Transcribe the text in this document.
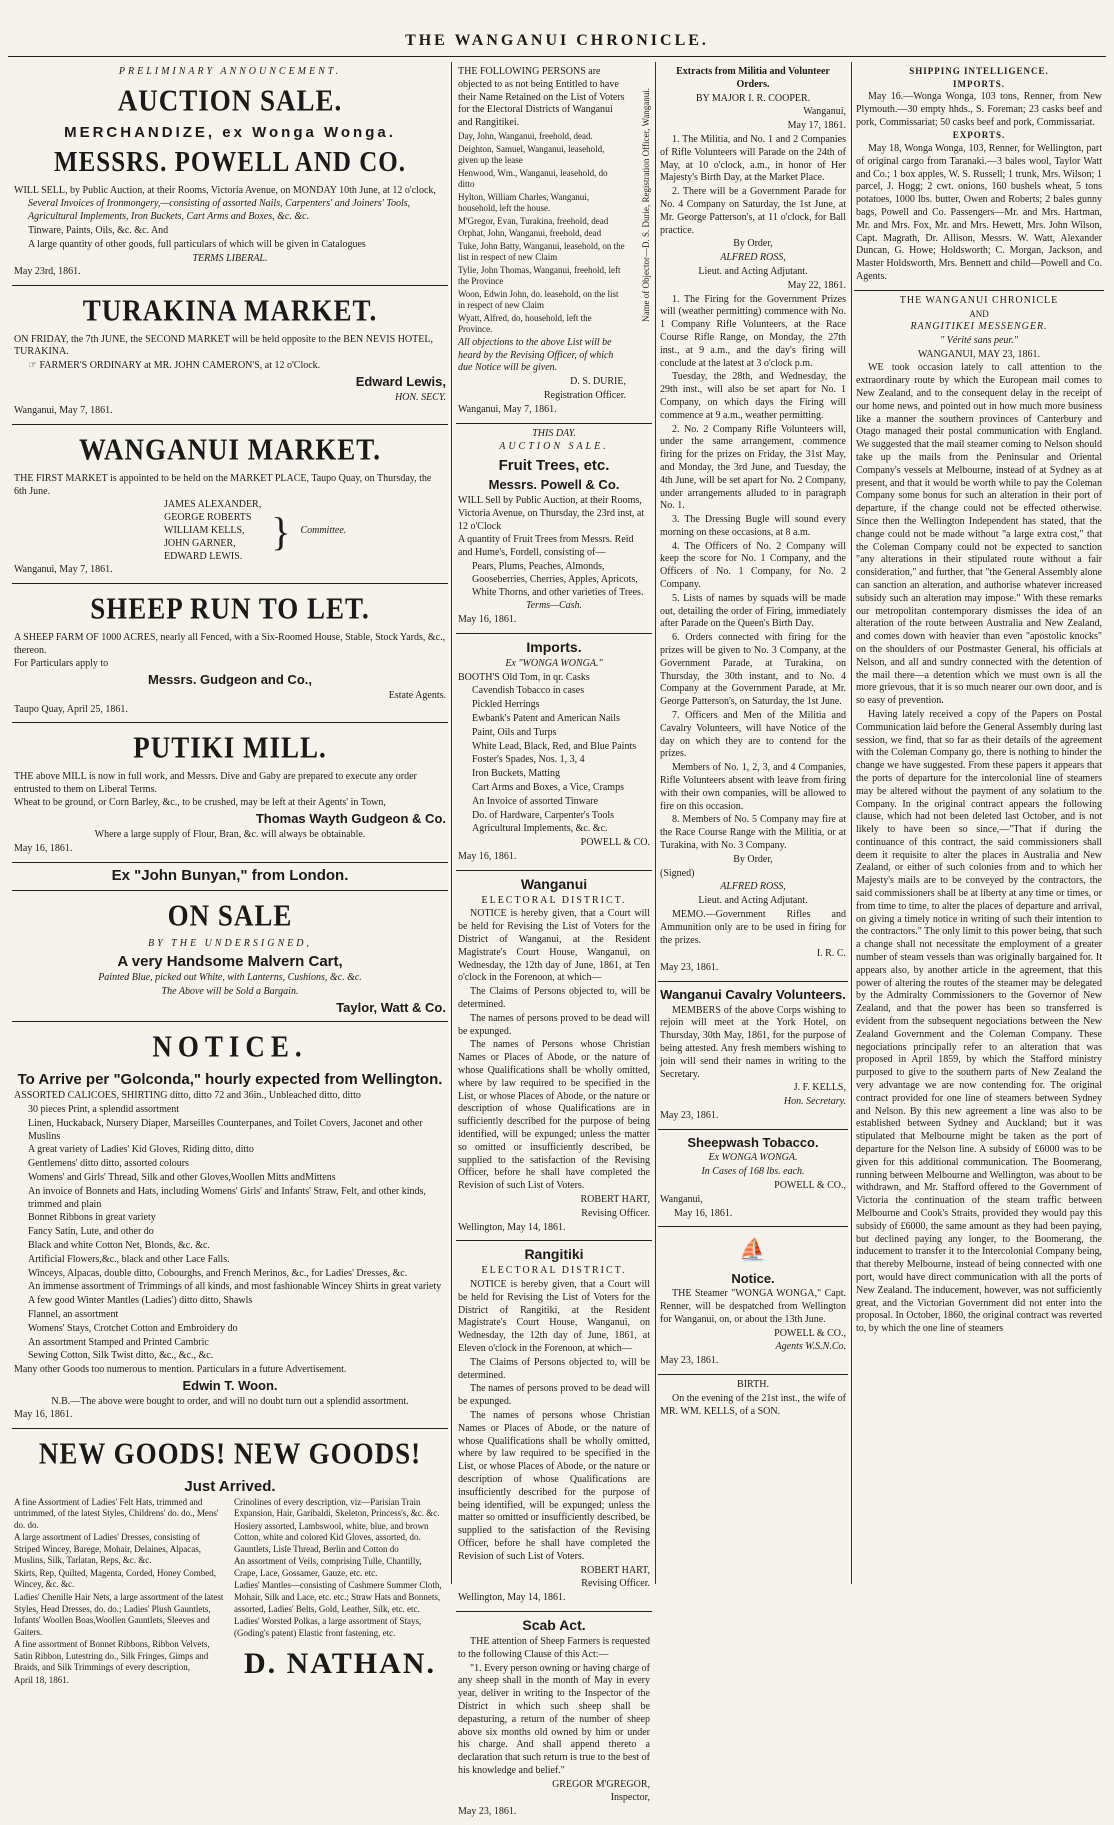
THE WANGANUI CHRONICLE.

PRELIMINARY ANNOUNCEMENT.

AUCTION SALE.
MERCHANDIZE, ex Wonga Wonga.
MESSRS. POWELL AND CO.

WILL SELL, by Public Auction, at their Rooms, Victoria Avenue, on MONDAY 10th June, at 12 o'clock,

Several Invoices of Ironmongery,—consisting of assorted Nails, Carpenters' and Joiners' Tools, Agricultural Implements, Iron Buckets, Cart Arms and Boxes, &c. &c.

Tinware, Paints, Oils, &c. &c. And

A large quantity of other goods, full particulars of which will be given in Catalogues

TERMS LIBERAL.

May 23rd, 1861.

TURAKINA MARKET.

ON FRIDAY, the 7th JUNE, the SECOND MARKET will be held opposite to the BEN NEVIS HOTEL, TURAKINA.

☞ FARMER'S ORDINARY at MR. JOHN CAMERON'S, at 12 o'Clock.

Edward Lewis,

HON. SECY.

Wanganui, May 7, 1861.

WANGANUI MARKET.

THE FIRST MARKET is appointed to be held on the MARKET PLACE, Taupo Quay, on Thursday, the 6th June.

JAMES ALEXANDER,
GEORGE ROBERTS
WILLIAM KELLS,
JOHN GARNER,
EDWARD LEWIS.
} Committee.

Wanganui, May 7, 1861.

SHEEP RUN TO LET.

A SHEEP FARM OF 1000 ACRES, nearly all Fenced, with a Six-Roomed House, Stable, Stock Yards, &c., thereon.

For Particulars apply to

Messrs. Gudgeon and Co.,

Estate Agents.

Taupo Quay, April 25, 1861.

PUTIKI MILL.

THE above MILL is now in full work, and Messrs. Dive and Gaby are prepared to execute any order entrusted to them on Liberal Terms.

Wheat to be ground, or Corn Barley, &c., to be crushed, may be left at their Agents' in Town,

Thomas Wayth Gudgeon & Co.

Where a large supply of Flour, Bran, &c. will always be obtainable.

May 16, 1861.

Ex "John Bunyan," from London.
ON SALE

BY THE UNDERSIGNED,

A very Handsome Malvern Cart,

Painted Blue, picked out White, with Lanterns, Cushions, &c. &c.

The Above will be Sold a Bargain.

Taylor, Watt & Co.
NOTICE.
To Arrive per "Golconda," hourly expected from Wellington.

ASSORTED CALICOES, SHIRTING ditto, ditto 72 and 36in., Unbleached ditto, ditto

30 pieces Print, a splendid assortment

Linen, Huckaback, Nursery Diaper, Marseilles Counterpanes, and Toilet Covers, Jaconet and other Muslins

A great variety of Ladies' Kid Gloves, Riding ditto, ditto

Gentlemens' ditto ditto, assorted colours

Womens' and Girls' Thread, Silk and other Gloves,Woollen Mitts andMittens

An invoice of Bonnets and Hats, including Womens' Girls' and Infants' Straw, Felt, and other kinds, trimmed and plain

Bonnet Ribbons in great variety

Fancy Satin, Lute, and other do

Black and white Cotton Net, Blonds, &c. &c.

Artificial Flowers,&c., black and other Lace Falls.

Winceys, Alpacas, double ditto, Cobourghs, and French Merinos, &c., for Ladies' Dresses, &c.

An immense assortment of Trimmings of all kinds, and most fashionable Wincey Shirts in great variety

A few good Winter Mantles (Ladies') ditto ditto, Shawls

Flannel, an assortment

Womens' Stays, Crotchet Cotton and Embroidery do

An assortment Stamped and Printed Cambric

Sewing Cotton, Silk Twist ditto, &c., &c., &c.

Many other Goods too numerous to mention. Particulars in a future Advertisement.

Edwin T. Woon.

N.B.—The above were bought to order, and will no doubt turn out a splendid assortment.

May 16, 1861.

NEW GOODS! NEW GOODS!
Just Arrived.

A fine Assortment of Ladies' Felt Hats, trimmed and untrimmed, of the latest Styles, Childrens' do. do., Mens' do. do.

A large assortment of Ladies' Dresses, consisting of Striped Wincey, Barege, Mohair, Delaines, Alpacas, Muslins, Silk, Tarlatan, Reps, &c. &c.

Skirts, Rep, Quilted, Magenta, Corded, Honey Combed, Wincey, &c. &c.

Ladies' Chenille Hair Nets, a large assortment of the latest Styles, Head Dresses, do. do.; Ladies' Plush Gauntlets, Infants' Woollen Boas,Woollen Gauntlets, Sleeves and Gaiters.

A fine assortment of Bonnet Ribbons, Ribbon Velvets, Satin Ribbon, Lutestring do., Silk Fringes, Gimps and Braids, and Silk Trimmings of every description,

April 18, 1861.

Crinolines of every description, viz—Parisian Train Expansion, Hair, Garibaldi, Skeleton, Princess's, &c. &c.

Hosiery assorted, Lambswool, white, blue, and brown Cotton, white and colored Kid Gloves, assorted, do. Gauntlets, Lisle Thread, Berlin and Cotton do

An assortment of Veils, comprising Tulle, Chantilly, Crape, Lace, Gossamer, Gauze, etc. etc.

Ladies' Mantles—consisting of Cashmere Summer Cloth, Mohair, Silk and Lace, etc. etc.; Straw Hats and Bonnets, assorted, Ladies' Belts, Gold, Leather, Silk, etc. etc.

Ladies' Worsted Polkas, a large assortment of Stays, (Goding's patent) Elastic front fastening, etc.

D. NATHAN.

THE FOLLOWING PERSONS are objected to as not being Entitled to have their Name Retained on the List of Voters for the Electoral Districts of Wanganui and Rangitikei.

Day, John, Wanganui, freehold, dead.

Deighton, Samuel, Wanganui, leasehold, given up the lease

Henwood, Wm., Wanganui, leasehold, do ditto

Hylton, William Charles, Wanganui, household, left the house.

M'Gregor, Evan, Turakina, freehold, dead

Orphat, John, Wanganui, freehold, dead

Tuke, John Batty, Wanganui, leasehold, on the list in respect of new Claim

Tylie, John Thomas, Wanganui, freehold, left the Province

Woon, Edwin John, do. leasehold, on the list in respect of new Claim

Wyatt, Alfred, do, household, left the Province.

Name of Objector—D. S. Durie, Registration Officer, Wanganui.

All objections to the above List will be heard by the Revising Officer, of which due Notice will be given.

D. S. DURIE,

Registration Officer.

Wanganui, May 7, 1861.

THIS DAY.

AUCTION SALE.

Fruit Trees, etc.
Messrs. Powell & Co.

WILL Sell by Public Auction, at their Rooms, Victoria Avenue, on Thursday, the 23rd inst, at 12 o'Clock

A quantity of Fruit Trees from Messrs. Reid and Hume's, Fordell, consisting of—

Pears, Plums, Peaches, Almonds, Gooseberries, Cherries, Apples, Apricots, White Thorns, and other varieties of Trees.

Terms—Cash.

May 16, 1861.

Imports.

Ex "WONGA WONGA."

BOOTH'S Old Tom, in qr. Casks

Cavendish Tobacco in cases

Pickled Herrings

Ewbank's Patent and American Nails

Paint, Oils and Turps

White Lead, Black, Red, and Blue Paints

Foster's Spades, Nos. 1, 3, 4

Iron Buckets, Matting

Cart Arms and Boxes, a Vice, Cramps

An Invoice of assorted Tinware

Do. of Hardware, Carpenter's Tools

Agricultural Implements, &c. &c.

POWELL & CO.

May 16, 1861.

Wanganui

ELECTORAL DISTRICT.

NOTICE is hereby given, that a Court will be held for Revising the List of Voters for the District of Wanganui, at the Resident Magistrate's Court House, Wanganui, on Wednesday, the 12th day of June, 1861, at Ten o'clock in the Forenoon, at which—

The Claims of Persons objected to, will be determined.

The names of persons proved to be dead will be expunged.

The names of Persons whose Christian Names or Places of Abode, or the nature of whose Qualifications shall be wholly omitted, where by law required to be specified in the List, or whose Places of Abode, or the nature or description of whose Qualifications are in sufficiently described for the purpose of being identified, will be expunged; unless the matter so omitted or insufficiently described, be supplied to the satisfaction of the Revising Officer, before he shall have completed the Revision of such List of Voters.

ROBERT HART,

Revising Officer.

Wellington, May 14, 1861.

Rangitiki

ELECTORAL DISTRICT.

NOTICE is hereby given, that a Court will be held for Revising the List of Voters for the District of Rangitiki, at the Resident Magistrate's Court House, Wanganui, on Wednesday, the 12th day of June, 1861, at Eleven o'clock in the Forenoon, at which—

The Claims of Persons objected to, will be determined.

The names of persons proved to be dead will be expunged.

The names of persons whose Christian Names or Places of Abode, or the nature of whose Qualifications shall be wholly omitted, where by law required to be specified in the List, or whose Places of Abode, or the nature or description of whose Qualifications are insufficiently described for the purpose of being identified, will be expunged; unless the matter so omitted or insufficiently described, be supplied to the satisfaction of the Revising Officer, before he shall have completed the Revision of such List of Voters.

ROBERT HART,

Revising Officer.

Wellington, May 14, 1861.

Scab Act.

THE attention of Sheep Farmers is requested to the following Clause of this Act:—

"1. Every person owning or having charge of any sheep shall in the month of May in every year, deliver in writing to the Inspector of the District in which such sheep shall be depasturing, a return of the number of sheep above six months old owned by him or under his charge. And shall append thereto a declaration that such return is true to the best of his knowledge and belief."

GREGOR M'GREGOR,

Inspector,

May 23, 1861.

Extracts from Militia and Volunteer Orders.

BY MAJOR I. R. COOPER.

Wanganui,

May 17, 1861.

1. The Militia, and No. 1 and 2 Companies of Rifle Volunteers will Parade on the 24th of May, at 10 o'clock, a.m., in honor of Her Majesty's Birth Day, at the Market Place.

2. There will be a Government Parade for No. 4 Company on Saturday, the 1st June, at Mr. George Patterson's, at 11 o'clock, for Ball practice.

By Order,

ALFRED ROSS,

Lieut. and Acting Adjutant.

May 22, 1861.

1. The Firing for the Government Prizes will (weather permitting) commence with No. 1 Company Rifle Volunteers, at the Race Course Rifle Range, on Monday, the 27th inst., at 9 a.m., and the day's firing will conclude at the latest at 3 o'clock p.m.

Tuesday, the 28th, and Wednesday, the 29th inst., will also be set apart for No. 1 Company, on which days the Firing will commence at 9 a.m., weather permitting.

2. No. 2 Company Rifle Volunteers will, under the same arrangement, commence firing for the prizes on Friday, the 31st May, and Monday, the 3rd June, and Tuesday, the 4th June, will be set apart for No. 2 Company, under arrangements alluded to in paragraph No. 1.

3. The Dressing Bugle will sound every morning on these occasions, at 8 a.m.

4. The Officers of No. 2 Company will keep the score for No. 1 Company, and the Officers of No. 1 Company, for No. 2 Company.

5. Lists of names by squads will be made out, detailing the order of Firing, immediately after Parade on the Queen's Birth Day.

6. Orders connected with firing for the prizes will be given to No. 3 Company, at the Government Parade, at Turakina, on Thursday, the 30th instant, and to No. 4 Company at the Government Parade, at Mr. George Patterson's, on Saturday, the 1st June.

7. Officers and Men of the Militia and Cavalry Volunteers, will have Notice of the day on which they are to contend for the prizes.

Members of No. 1, 2, 3, and 4 Companies, Rifle Volunteers absent with leave from firing with their own companies, will be allowed to fire on this occasion.

8. Members of No. 5 Company may fire at the Race Course Range with the Militia, or at Turakina, with No. 3 Company.

By Order,

(Signed)

ALFRED ROSS,

Lieut. and Acting Adjutant.

MEMO.—Government Rifles and Ammunition only are to be used in firing for the prizes.

I. R. C.

May 23, 1861.

Wanganui Cavalry Volunteers.

MEMBERS of the above Corps wishing to rejoin will meet at the York Hotel, on Thursday, 30th May, 1861, for the purpose of being attested. Any fresh members wishing to join will send their names in writing to the Secretary.

J. F. KELLS,

Hon. Secretary.

May 23, 1861.

Sheepwash Tobacco.

Ex WONGA WONGA.

In Cases of 168 lbs. each.

POWELL & CO.,

Wanganui,

May 16, 1861.

⛵
Notice.

THE Steamer "WONGA WONGA," Capt. Renner, will be despatched from Wellington for Wanganui, on, or about the 13th June.

POWELL & CO.,

Agents W.S.N.Co.

May 23, 1861.

BIRTH.

On the evening of the 21st inst., the wife of MR. WM. KELLS, of a SON.

SHIPPING INTELLIGENCE.

IMPORTS.

May 16.—Wonga Wonga, 103 tons, Renner, from New Plymouth.—30 empty hhds., S. Foreman; 23 casks beef and pork, Commissariat; 50 casks beef and pork, Commissariat.

EXPORTS.

May 18, Wonga Wonga, 103, Renner, for Wellington, part of original cargo from Taranaki.—3 bales wool, Taylor Watt and Co.; 1 box apples, W. S. Russell; 1 trunk, Mrs. Wilson; 1 parcel, J. Hogg; 2 cwt. onions, 160 bushels wheat, 5 tons potatoes, 1000 lbs. butter, Owen and Roberts; 2 bales gunny bags, Powell and Co. Passengers—Mr. and Mrs. Hartman, Mr. and Mrs. Fox, Mr. and Mrs. Hewett, Mrs. John Wilson, Capt. Magrath, Dr. Allison, Messrs. W. Watt, Alexander Duncan, G. Howe; Holdsworth; C. Morgan, Jackson, and Master Holdsworth, Mrs. Bennett and child—Powell and Co. Agents.

THE WANGANUI CHRONICLE

AND

RANGITIKEI MESSENGER.

" Vérité sans peur."

WANGANUI, MAY 23, 1861.

WE took occasion lately to call attention to the extraordinary route by which the European mail comes to New Zealand, and to the consequent delay in the receipt of our home news, and pointed out in how much more business like a manner the southern provinces of Canterbury and Otago managed their postal communication with England. We suggested that the mail steamer coming to Nelson should take up the mails from the Peninsular and Oriental Company's vessels at Melbourne, instead of at Sydney as at present, and that it would be worth while to pay the Coleman Company some bonus for such an alteration in their port of departure, if the change could not be effected otherwise. Since then the Wellington Independent has stated, that the change could not be made without "a large extra cost," that the Coleman Company could not be expected to sanction "any alterations in their stipulated route without a fair consideration," and further, that "the General Assembly alone can sanction an alteration, and authorise whatever increased subsidy such an alteration may impose." With these remarks our metropolitan contemporary dismisses the idea of an alteration of the route between Australia and New Zealand, and comes down with heavier than even "apostolic knocks" on the shoulders of our Postmaster General, his officials at Nelson, and all and sundry connected with the detention of the mail there—a detention which we must own is all the more grievous, that it is so much nearer our own door, and is so easy of prevention.

Having lately received a copy of the Papers on Postal Communication laid before the General Assembly during last session, we find, that so far as their details of the agreement with the Coleman Company go, there is nothing to hinder the change we have suggested. From these papers it appears that the ports of departure for the intercolonial line of steamers may be altered without the payment of any solatium to the Company. In the original contract appears the following clause, which had not been deleted last October, and is not likely to have been so since,—"That if during the continuance of this contract, the said commissioners shall deem it requisite to alter the places in Australia and New Zealand, or either of such colonies from and to which her Majesty's mails are to be conveyed by the contractors, the said commissioners shall be at liberty at any time or times, or from time to time, to alter the places of departure and arrival, on giving a timely notice in writing of such their intention to the contractors." The only limit to this power being, that such a change shall not necessitate the employment of a greater number of steam vessels than was originally bargained for. It appears also, by another article in the agreement, that this power of altering the routes of the steamer may be delegated by the Admiralty Commissioners to the Governor of New Zealand, and that the power has been so transferred is evident from the subsequent negociations between the New Zealand Government and the Coleman Company. These negociations principally refer to an alteration that was proposed in April 1859, by which the Stafford ministry purposed to give to the southern parts of New Zealand the very advantage we are now contending for. The original contract provided for one line of steamers between Sydney and Nelson. By this new agreement a line was also to be established between Sydney and Auckland; but it was stipulated that Melbourne might be taken as the port of departure for the Nelson line. A subsidy of £6000 was to be given for this additional communication. The Boomerang, running between Melbourne and Wellington, was about to be withdrawn, and Mr. Stafford offered to the Government of Victoria the continuation of the steam traffic between Melbourne and Cook's Straits, provided they would pay this subsidy of £6000, the same amount as they had been paying, but declined paying any longer, to the Boomerang, the inducement to transfer it to the Intercolonial Company being, that thereby Melbourne, instead of being connected with one port, would have direct communication with all the ports of New Zealand. The inducement, however, was not sufficiently great, and the Victorian Government did not enter into the proposal. In October, 1860, the original contract was reverted to, by which the one line of steamers
